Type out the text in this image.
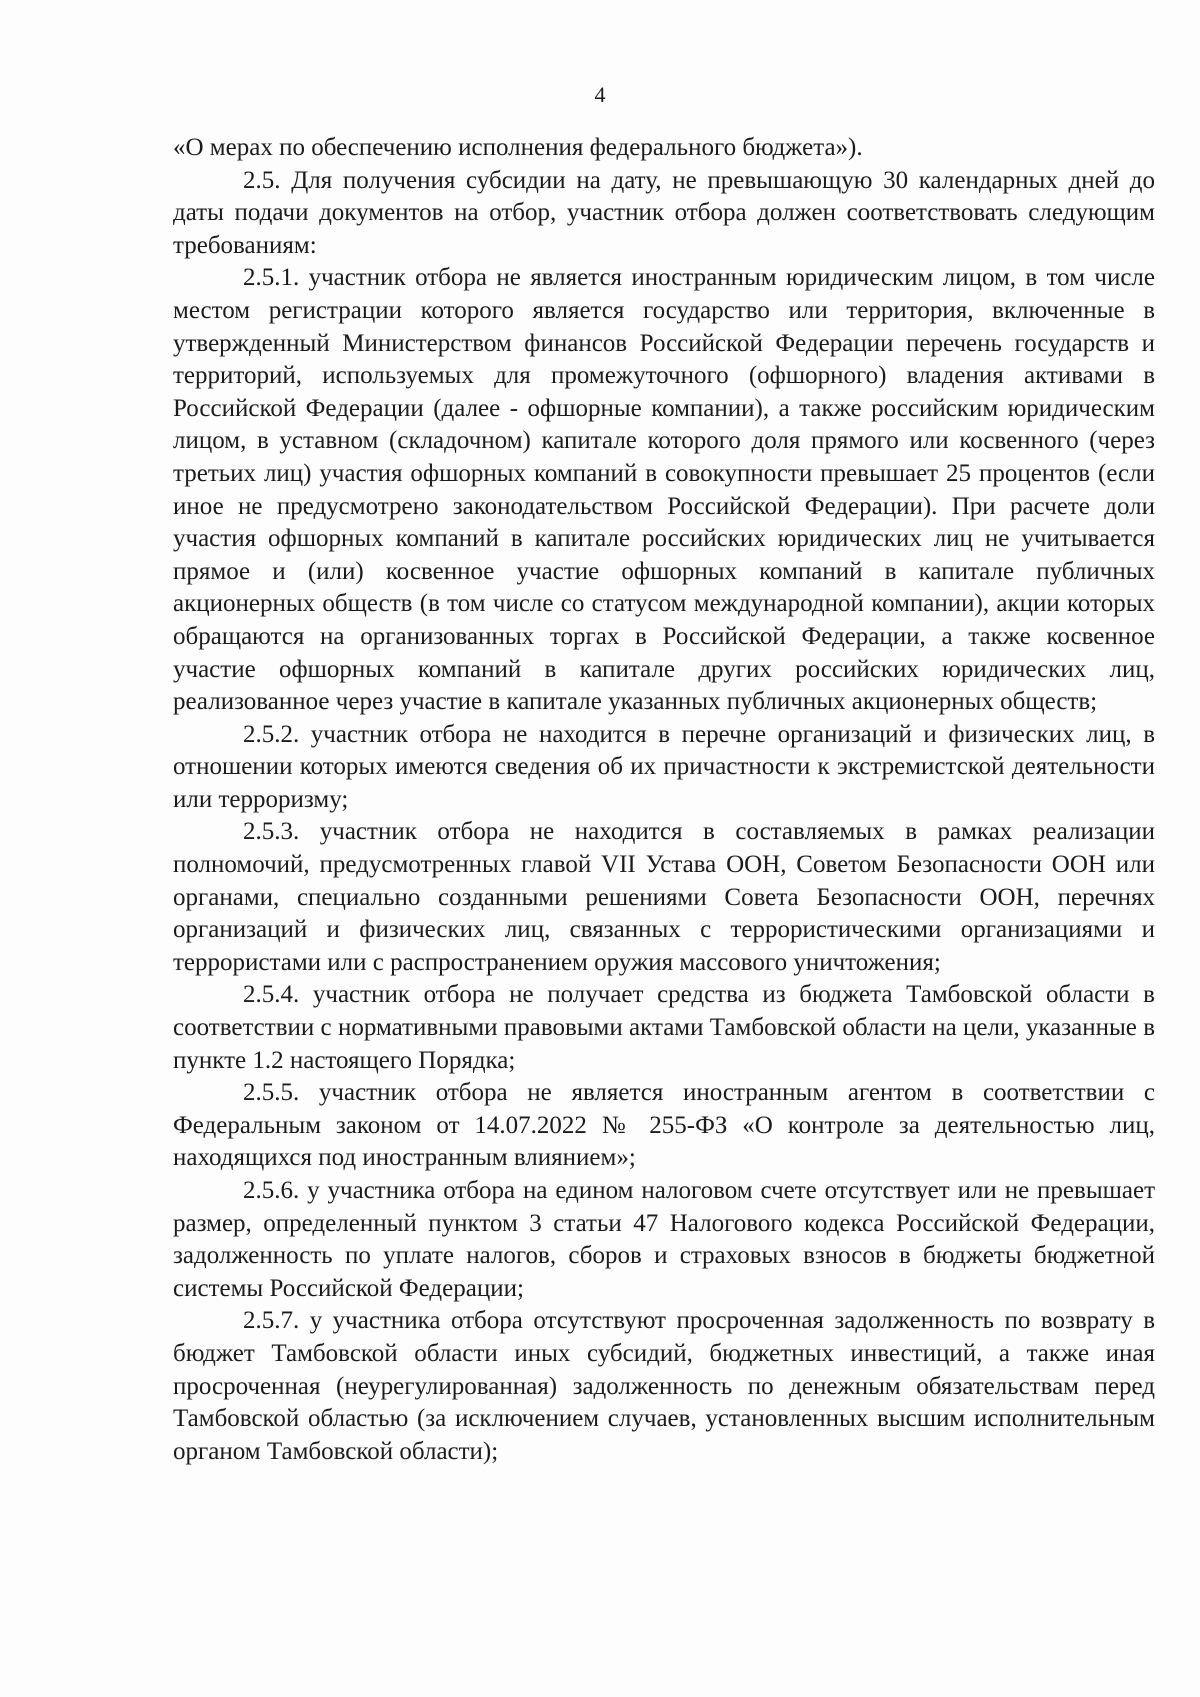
4

«О мерах по обеспечению исполнения федерального бюджета»).

2.5. Для получения субсидии на дату, не превышающую 30 календарных дней до даты подачи документов на отбор, участник отбора должен соответствовать следующим требованиям:

2.5.1. участник отбора не является иностранным юридическим лицом, в том числе местом регистрации которого является государство или территория, включенные в утвержденный Министерством финансов Российской Федерации перечень государств и территорий, используемых для промежуточного (офшорного) владения активами в Российской Федерации (далее - офшорные компании), а также российским юридическим лицом, в уставном (складочном) капитале которого доля прямого или косвенного (через третьих лиц) участия офшорных компаний в совокупности превышает 25 процентов (если иное не предусмотрено законодательством Российской Федерации). При расчете доли участия офшорных компаний в капитале российских юридических лиц не учитывается прямое и (или) косвенное участие офшорных компаний в капитале публичных акционерных обществ (в том числе со статусом международной компании), акции которых обращаются на организованных торгах в Российской Федерации, а также косвенное участие офшорных компаний в капитале других российских юридических лиц, реализованное через участие в капитале указанных публичных акционерных обществ;

2.5.2. участник отбора не находится в перечне организаций и физических лиц, в отношении которых имеются сведения об их причастности к экстремистской деятельности или терроризму;

2.5.3. участник отбора не находится в составляемых в рамках реализации полномочий, предусмотренных главой VII Устава ООН, Советом Безопасности ООН или органами, специально созданными решениями Совета Безопасности ООН, перечнях организаций и физических лиц, связанных с террористическими организациями и террористами или с распространением оружия массового уничтожения;

2.5.4. участник отбора не получает средства из бюджета Тамбовской области в соответствии с нормативными правовыми актами Тамбовской области на цели, указанные в пункте 1.2 настоящего Порядка;

2.5.5. участник отбора не является иностранным агентом в соответствии с Федеральным законом от 14.07.2022 № 255-ФЗ «О контроле за деятельностью лиц, находящихся под иностранным влиянием»;

2.5.6. у участника отбора на едином налоговом счете отсутствует или не превышает размер, определенный пунктом 3 статьи 47 Налогового кодекса Российской Федерации, задолженность по уплате налогов, сборов и страховых взносов в бюджеты бюджетной системы Российской Федерации;

2.5.7. у участника отбора отсутствуют просроченная задолженность по возврату в бюджет Тамбовской области иных субсидий, бюджетных инвестиций, а также иная просроченная (неурегулированная) задолженность по денежным обязательствам перед Тамбовской областью (за исключением случаев, установленных высшим исполнительным органом Тамбовской области);
